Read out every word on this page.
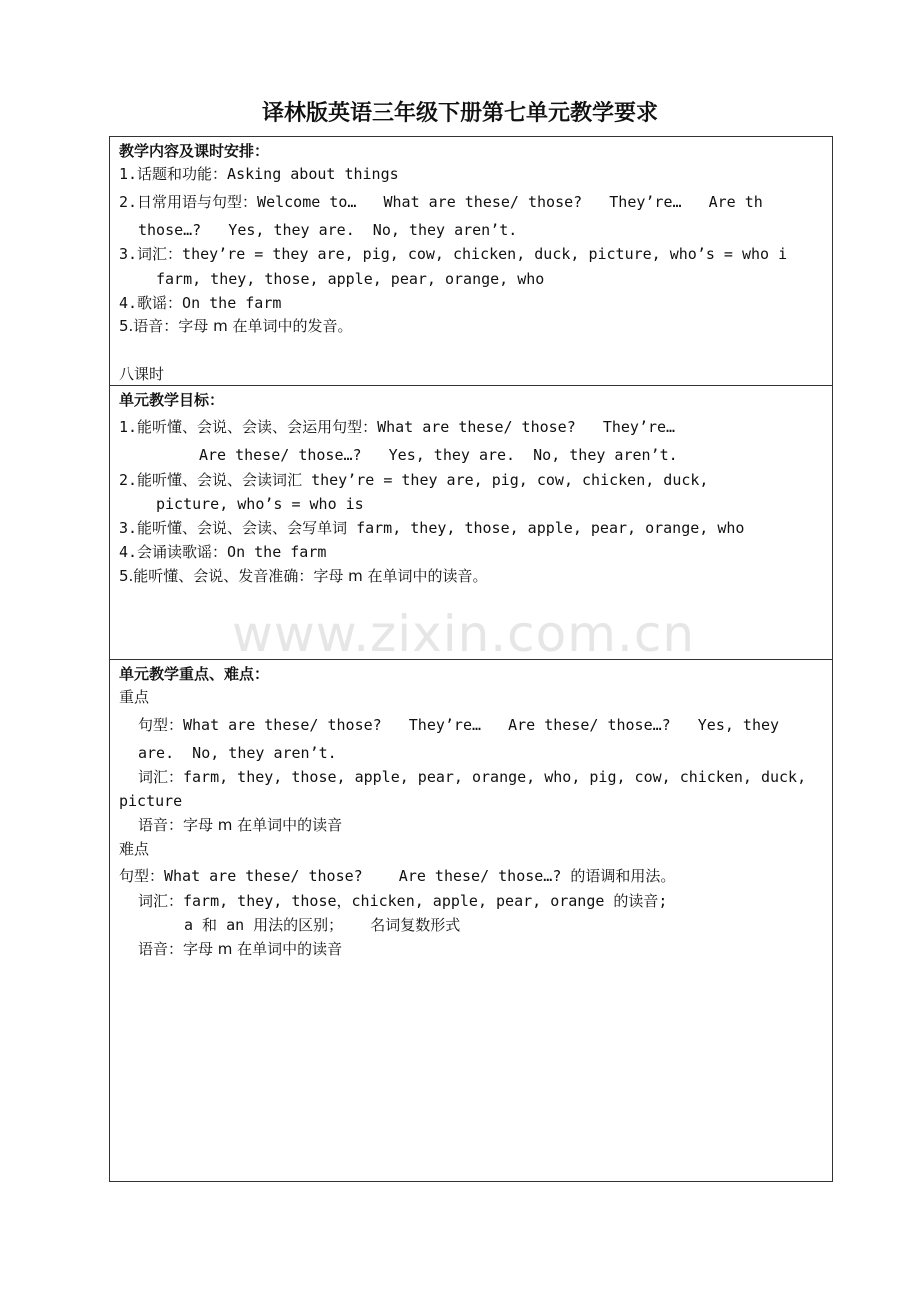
译林版英语三年级下册第七单元教学要求
教学内容及课时安排：
1.话题和功能：Asking about things
2.日常用语与句型：Welcome to…   What are these/ those?   They’re…   Are th
those…?   Yes, they are.  No, they aren’t.
3.词汇：they’re = they are, pig, cow, chicken, duck, picture, who’s = who i
farm, they, those, apple, pear, orange, who
4.歌谣：On the farm
5.语音：字母 m 在单词中的发音。
八课时
单元教学目标：
1.能听懂、会说、会读、会运用句型：What are these/ those?   They’re…
Are these/ those…?   Yes, they are.  No, they aren’t.
2.能听懂、会说、会读词汇 they’re = they are, pig, cow, chicken, duck,
picture, who’s = who is
3.能听懂、会说、会读、会写单词 farm, they, those, apple, pear, orange, who
4.会诵读歌谣：On the farm
5.能听懂、会说、发音准确：字母 m 在单词中的读音。
单元教学重点、难点：
重点
句型：What are these/ those?   They’re…   Are these/ those…?   Yes, they
are.  No, they aren’t.
词汇：farm, they, those, apple, pear, orange, who, pig, cow, chicken, duck,
picture
语音：字母 m 在单词中的读音
难点
句型：What are these/ those?    Are these/ those…? 的语调和用法。
词汇：farm, they, those，chicken, apple, pear, orange 的读音;
a 和 an 用法的区别；   名词复数形式
语音：字母 m 在单词中的读音
www.zixin.com.cn
